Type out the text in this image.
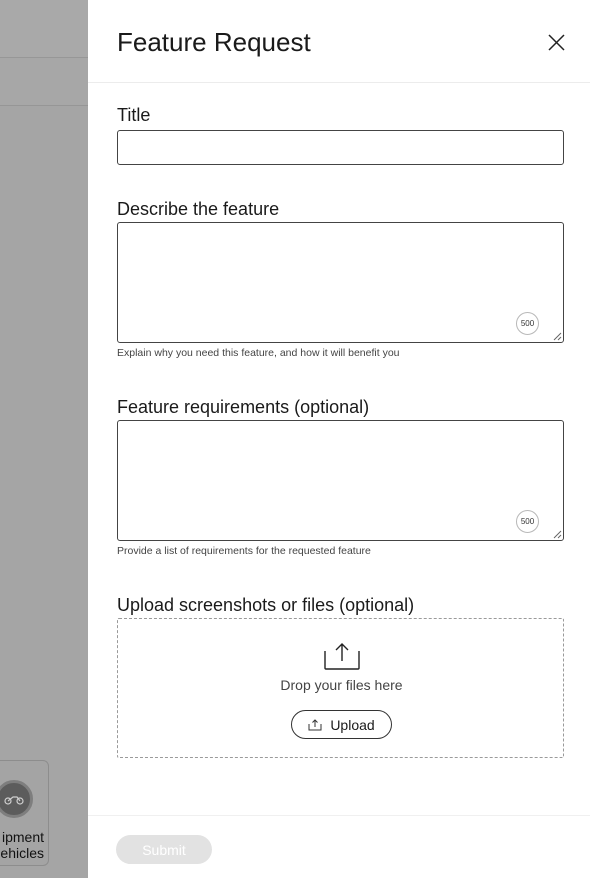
ipment
ehicles
Feature Request
Title
Describe the feature
500
Explain why you need this feature, and how it will benefit you
Feature requirements (optional)
500
Provide a list of requirements for the requested feature
Upload screenshots or files (optional)
Drop your files here
Upload
Submit
